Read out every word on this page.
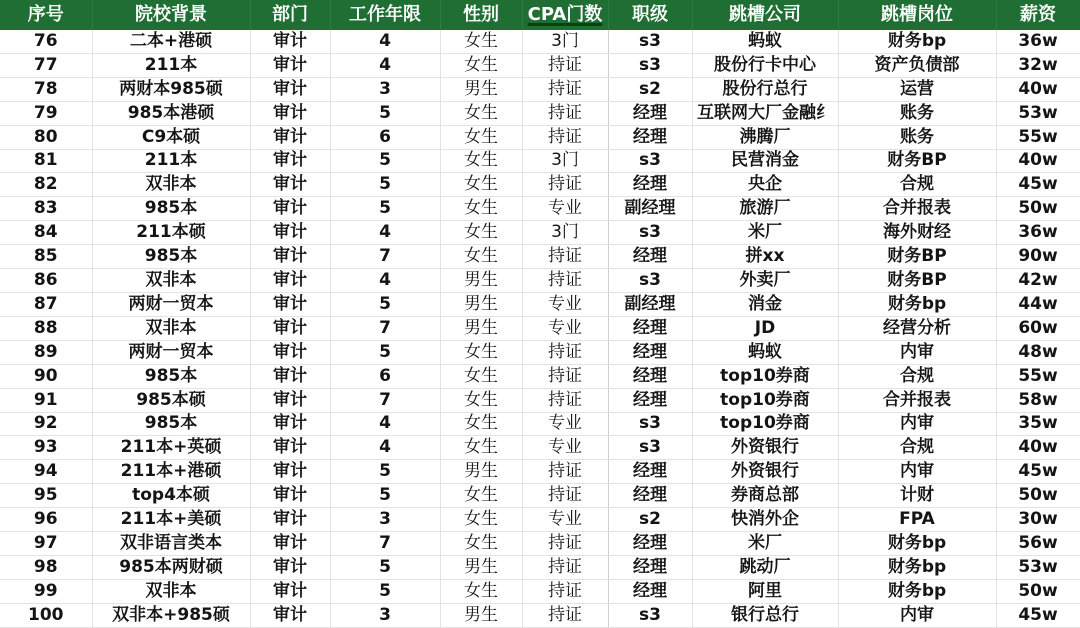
序号	院校背景	部门	工作年限	性别	CPA门数	职级	跳槽公司	跳槽岗位	薪资
76	二本+港硕	审计	4	女生	3门	s3	蚂蚁	财务bp	36w
77	211本	审计	4	女生	持证	s3	股份行卡中心	资产负债部	32w
78	两财本985硕	审计	3	男生	持证	s2	股份行总行	运营	40w
79	985本港硕	审计	5	女生	持证	经理	互联网大厂金融纟	账务	53w
80	C9本硕	审计	6	女生	持证	经理	沸腾厂	账务	55w
81	211本	审计	5	女生	3门	s3	民营消金	财务BP	40w
82	双非本	审计	5	女生	持证	经理	央企	合规	45w
83	985本	审计	5	女生	专业	副经理	旅游厂	合并报表	50w
84	211本硕	审计	4	女生	3门	s3	米厂	海外财经	36w
85	985本	审计	7	女生	持证	经理	拼xx	财务BP	90w
86	双非本	审计	4	男生	持证	s3	外卖厂	财务BP	42w
87	两财一贸本	审计	5	男生	专业	副经理	消金	财务bp	44w
88	双非本	审计	7	男生	专业	经理	JD	经营分析	60w
89	两财一贸本	审计	5	女生	持证	经理	蚂蚁	内审	48w
90	985本	审计	6	女生	持证	经理	top10券商	合规	55w
91	985本硕	审计	7	女生	持证	经理	top10券商	合并报表	58w
92	985本	审计	4	女生	专业	s3	top10券商	内审	35w
93	211本+英硕	审计	4	女生	专业	s3	外资银行	合规	40w
94	211本+港硕	审计	5	男生	持证	经理	外资银行	内审	45w
95	top4本硕	审计	5	女生	持证	经理	券商总部	计财	50w
96	211本+美硕	审计	3	女生	专业	s2	快消外企	FPA	30w
97	双非语言类本	审计	7	女生	持证	经理	米厂	财务bp	56w
98	985本两财硕	审计	5	男生	持证	经理	跳动厂	财务bp	53w
99	双非本	审计	5	女生	持证	经理	阿里	财务bp	50w
100	双非本+985硕	审计	3	男生	持证	s3	银行总行	内审	45w
